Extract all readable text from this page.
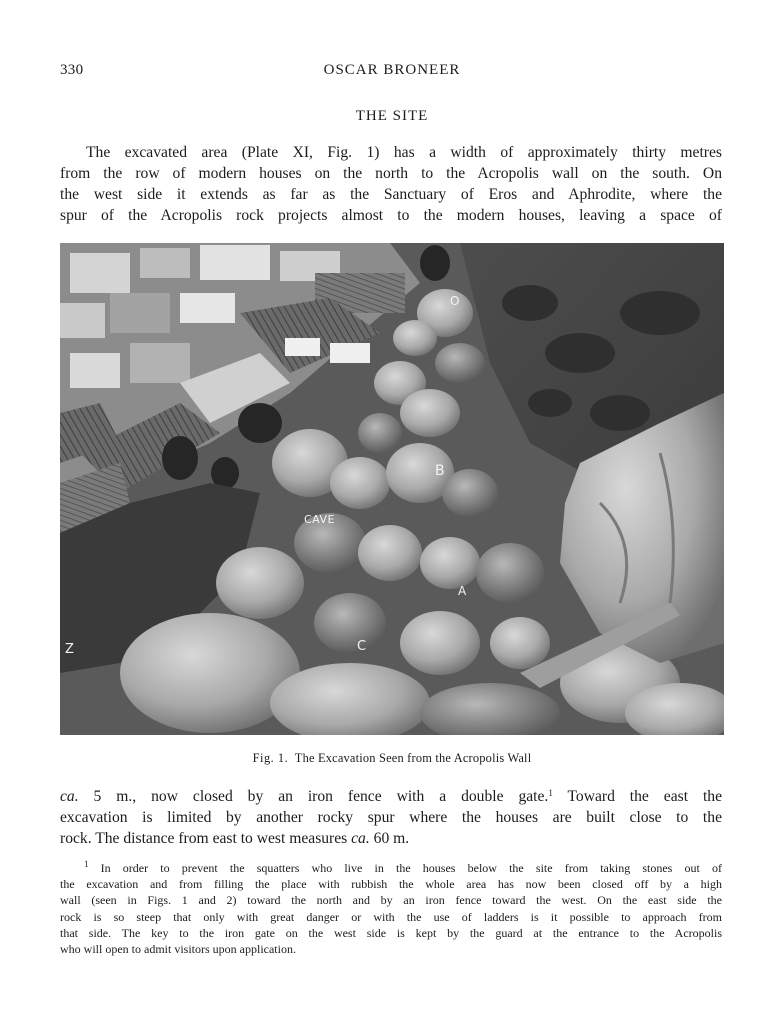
330	OSCAR BRONEER
THE SITE
The excavated area (Plate XI, Fig. 1) has a width of approximately thirty metres
from the row of modern houses on the north to the Acropolis wall on the south. On
the west side it extends as far as the Sanctuary of Eros and Aphrodite, where the
spur of the Acropolis rock projects almost to the modern houses, leaving a space of
O
B
CAVE
A
C
Z
Fig. 1. The Excavation Seen from the Acropolis Wall
ca. 5 m., now closed by an iron fence with a double gate.$^1$ Toward the east the
excavation is limited by another rocky spur where the houses are built close to the
rock. The distance from east to west measures ca. 60 m.
$^1$ In order to prevent the squatters who live in the houses below the site from taking stones out of
the excavation and from filling the place with rubbish the whole area has now been closed off by a high
wall (seen in Figs. 1 and 2) toward the north and by an iron fence toward the west. On the east side the
rock is so steep that only with great danger or with the use of ladders is it possible to approach from
that side. The key to the iron gate on the west side is kept by the guard at the entrance to the Acropolis
who will open to admit visitors upon application.
